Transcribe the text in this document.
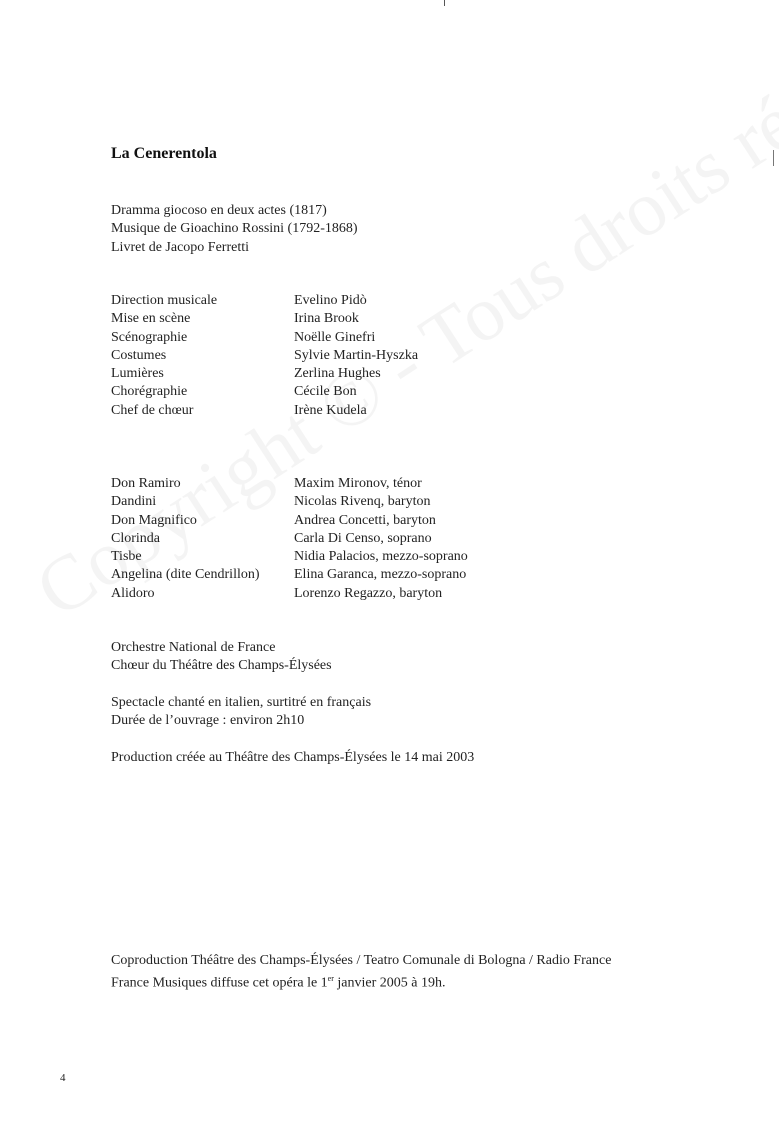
La Cenerentola
Dramma giocoso en deux actes (1817)
Musique de Gioachino Rossini (1792-1868)
Livret de Jacopo Ferretti
Direction musicale	Evelino Pidò
Mise en scène	Irina Brook
Scénographie	Noëlle Ginefri
Costumes	Sylvie Martin-Hyszka
Lumières	Zerlina Hughes
Chorégraphie	Cécile Bon
Chef de chœur	Irène Kudela
Don Ramiro	Maxim Mironov, ténor
Dandini	Nicolas Rivenq, baryton
Don Magnifico	Andrea Concetti, baryton
Clorinda	Carla Di Censo, soprano
Tisbe	Nidia Palacios, mezzo-soprano
Angelina (dite Cendrillon)	Elina Garanca, mezzo-soprano
Alidoro	Lorenzo Regazzo, baryton
Orchestre National de France
Chœur du Théâtre des Champs-Élysées
Spectacle chanté en italien, surtitré en français
Durée de l’ouvrage : environ 2h10
Production créée au Théâtre des Champs-Élysées le 14 mai 2003
Coproduction Théâtre des Champs-Élysées / Teatro Comunale di Bologna / Radio France
France Musiques diffuse cet opéra le 1er janvier 2005 à 19h.
4
